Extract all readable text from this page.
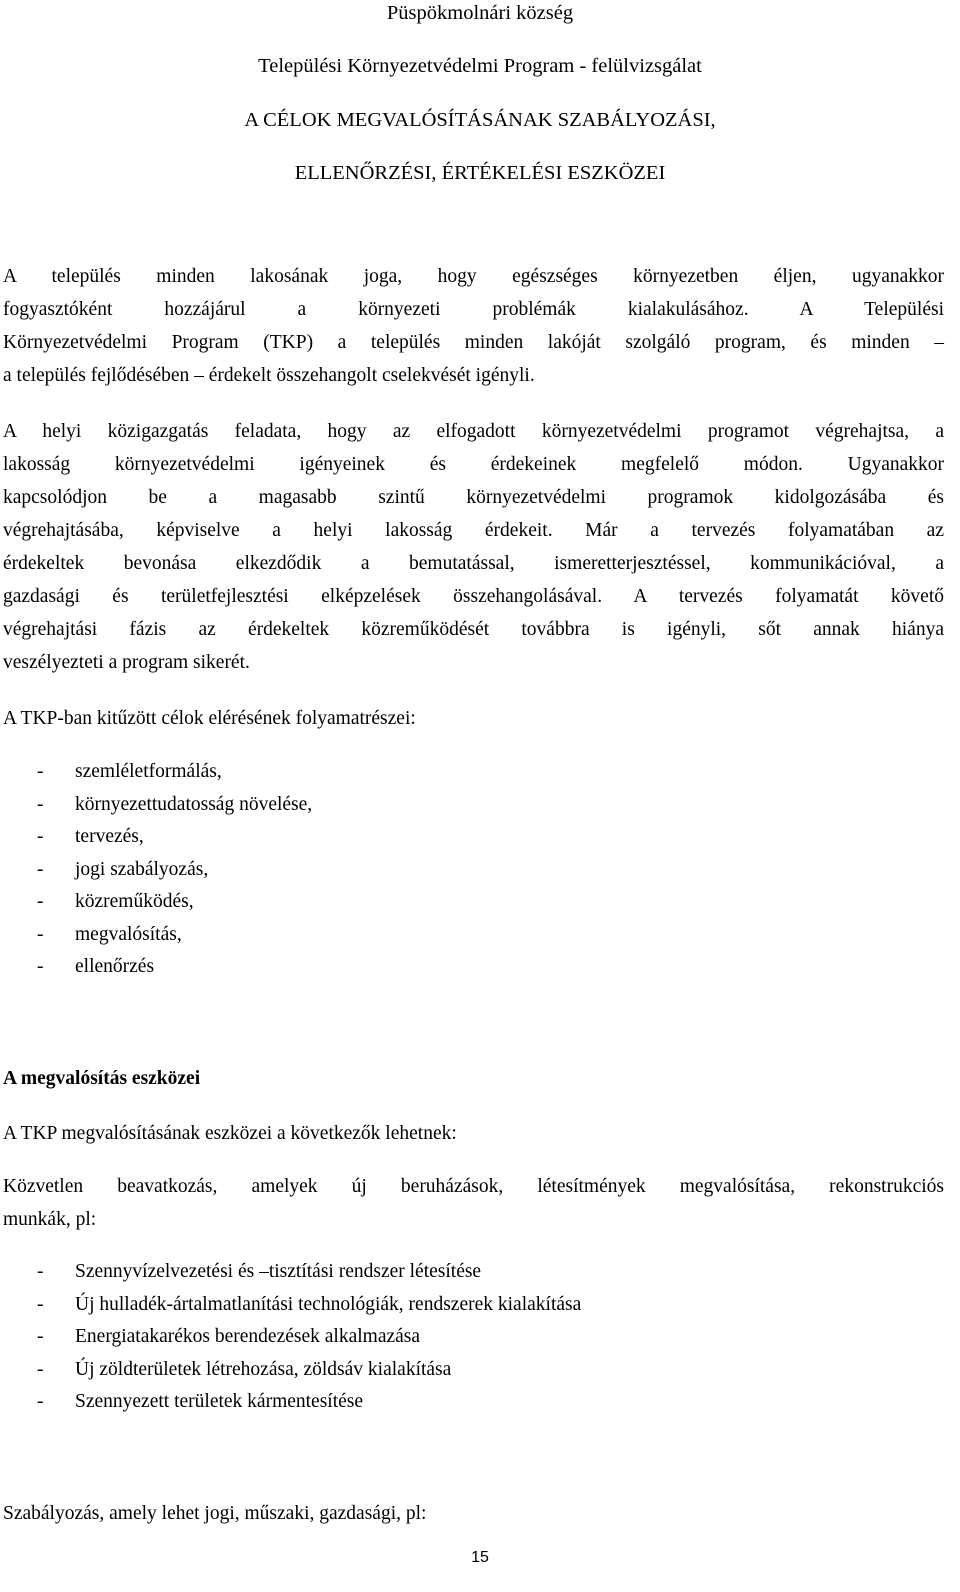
Püspökmolnári község
Települési Környezetvédelmi Program - felülvizsgálat
A CÉLOK MEGVALÓSÍTÁSÁNAK SZABÁLYOZÁSI,
ELLENŐRZÉSI, ÉRTÉKELÉSI ESZKÖZEI
A település minden lakosának joga, hogy egészséges környezetben éljen, ugyanakkor
fogyasztóként hozzájárul a környezeti problémák kialakulásához. A Települési
Környezetvédelmi Program (TKP) a település minden lakóját szolgáló program, és minden –
a település fejlődésében – érdekelt összehangolt cselekvését igényli.
A helyi közigazgatás feladata, hogy az elfogadott környezetvédelmi programot végrehajtsa, a
lakosság környezetvédelmi igényeinek és érdekeinek megfelelő módon. Ugyanakkor
kapcsolódjon be a magasabb szintű környezetvédelmi programok kidolgozásába és
végrehajtásába, képviselve a helyi lakosság érdekeit. Már a tervezés folyamatában az
érdekeltek bevonása elkezdődik a bemutatással, ismeretterjesztéssel, kommunikációval, a
gazdasági és területfejlesztési elképzelések összehangolásával. A tervezés folyamatát követő
végrehajtási fázis az érdekeltek közreműködését továbbra is igényli, sőt annak hiánya
veszélyezteti a program sikerét.
A TKP-ban kitűzött célok elérésének folyamatrészei:
- szemléletformálás,
- környezettudatosság növelése,
- tervezés,
- jogi szabályozás,
- közreműködés,
- megvalósítás,
- ellenőrzés
A megvalósítás eszközei
A TKP megvalósításának eszközei a következők lehetnek:
Közvetlen beavatkozás, amelyek új beruházások, létesítmények megvalósítása, rekonstrukciós
munkák, pl:
- Szennyvízelvezetési és –tisztítási rendszer létesítése
- Új hulladék-ártalmatlanítási technológiák, rendszerek kialakítása
- Energiatakarékos berendezések alkalmazása
- Új zöldterületek létrehozása, zöldsáv kialakítása
- Szennyezett területek kármentesítése
Szabályozás, amely lehet jogi, műszaki, gazdasági, pl:
15
